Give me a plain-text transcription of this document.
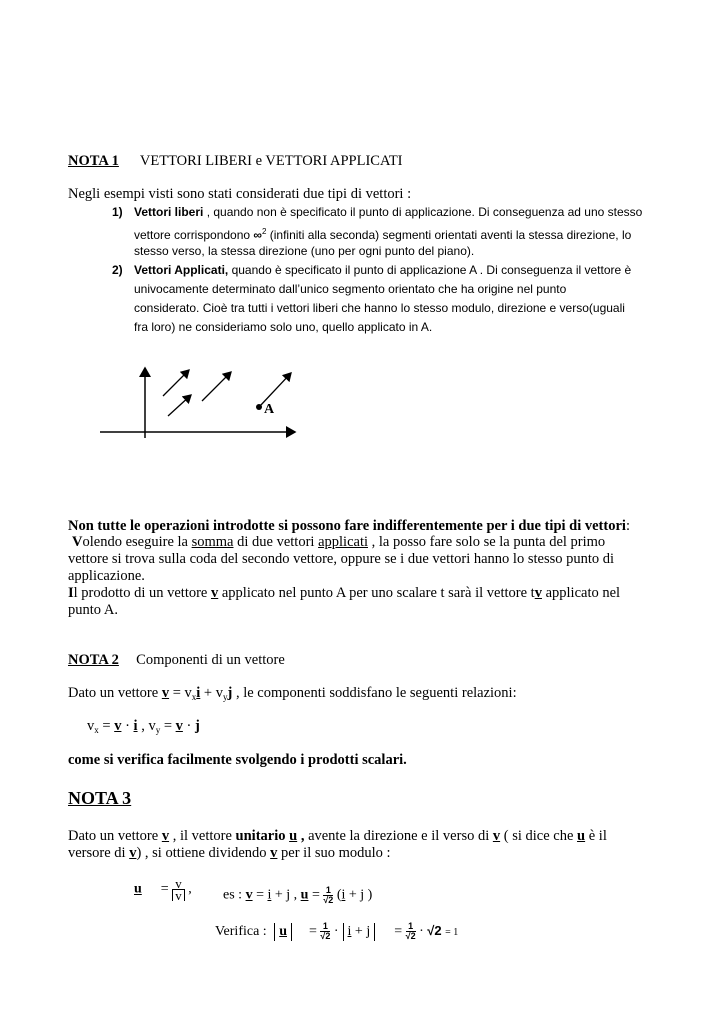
NOTA 1 VETTORI LIBERI e VETTORI APPLICATI
Negli esempi visti sono stati considerati due tipi di vettori :
1) Vettori liberi , quando non è specificato il punto di applicazione. Di conseguenza ad uno stesso
vettore corrispondono ∞$^2$ (infiniti alla seconda) segmenti orientati aventi la stessa direzione, lo
stesso verso, la stessa direzione (uno per ogni punto del piano).
2) Vettori Applicati, quando è specificato il punto di applicazione A . Di conseguenza il vettore è
univocamente determinato dall’unico segmento orientato che ha origine nel punto
considerato. Cioè tra tutti i vettori liberi che hanno lo stesso modulo, direzione e verso(uguali
fra loro) ne consideriamo solo uno, quello applicato in A.
A
Non tutte le operazioni introdotte si possono fare indifferentemente per i due tipi di vettori:
Volendo eseguire la somma di due vettori applicati , la posso fare solo se la punta del primo
vettore si trova sulla coda del secondo vettore, oppure se i due vettori hanno lo stesso punto di
applicazione.
Il prodotto di un vettore v applicato nel punto A per uno scalare t sarà il vettore tv applicato nel
punto A.
NOTA 2 Componenti di un vettore
Dato un vettore $v = v_xi + v_yj$ , le componenti soddisfano le seguenti relazioni:
$v_x = v \cdot i$ , $v_y = v \cdot j$
come si verifica facilmente svolgendo i prodotti scalari.
NOTA 3
Dato un vettore v , il vettore unitario u , avente la direzione e il verso di v ( si dice che u è il
versore di v) , si ottiene dividendo v per il suo modulo :
$u = \frac{v}{v}$ , es : v = i + j , $u = \frac{1}{√2} (i + j$ )
Verifica : $u = \frac{1}{√2} \cdot i + j = \frac{1}{√2} \cdot √2 = 1$
